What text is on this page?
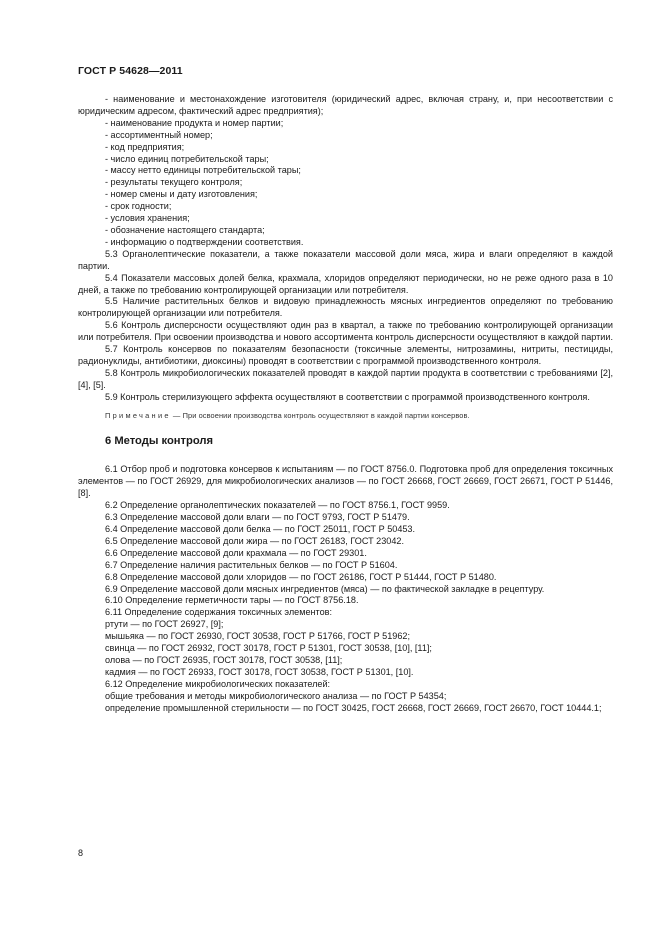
ГОСТ Р 54628—2011

- наименование и местонахождение изготовителя (юридический адрес, включая страну, и, при несоответствии с юридическим адресом, фактический адрес предприятия);

- наименование продукта и номер партии;

- ассортиментный номер;

- код предприятия;

- число единиц потребительской тары;

- массу нетто единицы потребительской тары;

- результаты текущего контроля;

- номер смены и дату изготовления;

- срок годности;

- условия хранения;

- обозначение настоящего стандарта;

- информацию о подтверждении соответствия.

5.3 Органолептические показатели, а также показатели массовой доли мяса, жира и влаги определяют в каждой партии.

5.4 Показатели массовых долей белка, крахмала, хлоридов определяют периодически, но не реже одного раза в 10 дней, а также по требованию контролирующей организации или потребителя.

5.5 Наличие растительных белков и видовую принадлежность мясных ингредиентов определяют по требованию контролирующей организации или потребителя.

5.6 Контроль дисперсности осуществляют один раз в квартал, а также по требованию контролирующей организации или потребителя. При освоении производства и нового ассортимента контроль дисперсности осуществляют в каждой партии.

5.7 Контроль консервов по показателям безопасности (токсичные элементы, нитрозамины, нитриты, пестициды, радионуклиды, антибиотики, диоксины) проводят в соответствии с программой производственного контроля.

5.8 Контроль микробиологических показателей проводят в каждой партии продукта в соответствии с требованиями [2], [4], [5].

5.9 Контроль стерилизующего эффекта осуществляют в соответствии с программой производственного контроля.

Примечание — При освоении производства контроль осуществляют в каждой партии консервов.

6 Методы контроля

6.1 Отбор проб и подготовка консервов к испытаниям — по ГОСТ 8756.0. Подготовка проб для определения токсичных элементов — по ГОСТ 26929, для микробиологических анализов — по ГОСТ 26668, ГОСТ 26669, ГОСТ 26671, ГОСТ Р 51446, [8].

6.2 Определение органолептических показателей — по ГОСТ 8756.1, ГОСТ 9959.

6.3 Определение массовой доли влаги — по ГОСТ 9793, ГОСТ Р 51479.

6.4 Определение массовой доли белка — по ГОСТ 25011, ГОСТ Р 50453.

6.5 Определение массовой доли жира — по ГОСТ 26183, ГОСТ 23042.

6.6 Определение массовой доли крахмала — по ГОСТ 29301.

6.7 Определение наличия растительных белков — по ГОСТ Р 51604.

6.8 Определение массовой доли хлоридов — по ГОСТ 26186, ГОСТ Р 51444, ГОСТ Р 51480.

6.9 Определение массовой доли мясных ингредиентов (мяса) — по фактической закладке в рецептуру.

6.10 Определение герметичности тары — по ГОСТ 8756.18.

6.11 Определение содержания токсичных элементов:

ртути — по ГОСТ 26927, [9];

мышьяка — по ГОСТ 26930, ГОСТ 30538, ГОСТ Р 51766, ГОСТ Р 51962;

свинца — по ГОСТ 26932, ГОСТ 30178, ГОСТ Р 51301, ГОСТ 30538, [10], [11];

олова — по ГОСТ 26935, ГОСТ 30178, ГОСТ 30538, [11];

кадмия — по ГОСТ 26933, ГОСТ 30178, ГОСТ 30538, ГОСТ Р 51301, [10].

6.12 Определение микробиологических показателей:

общие требования и методы микробиологического анализа — по ГОСТ Р 54354;

определение промышленной стерильности — по ГОСТ 30425, ГОСТ 26668, ГОСТ 26669, ГОСТ 26670, ГОСТ 10444.1;

8
